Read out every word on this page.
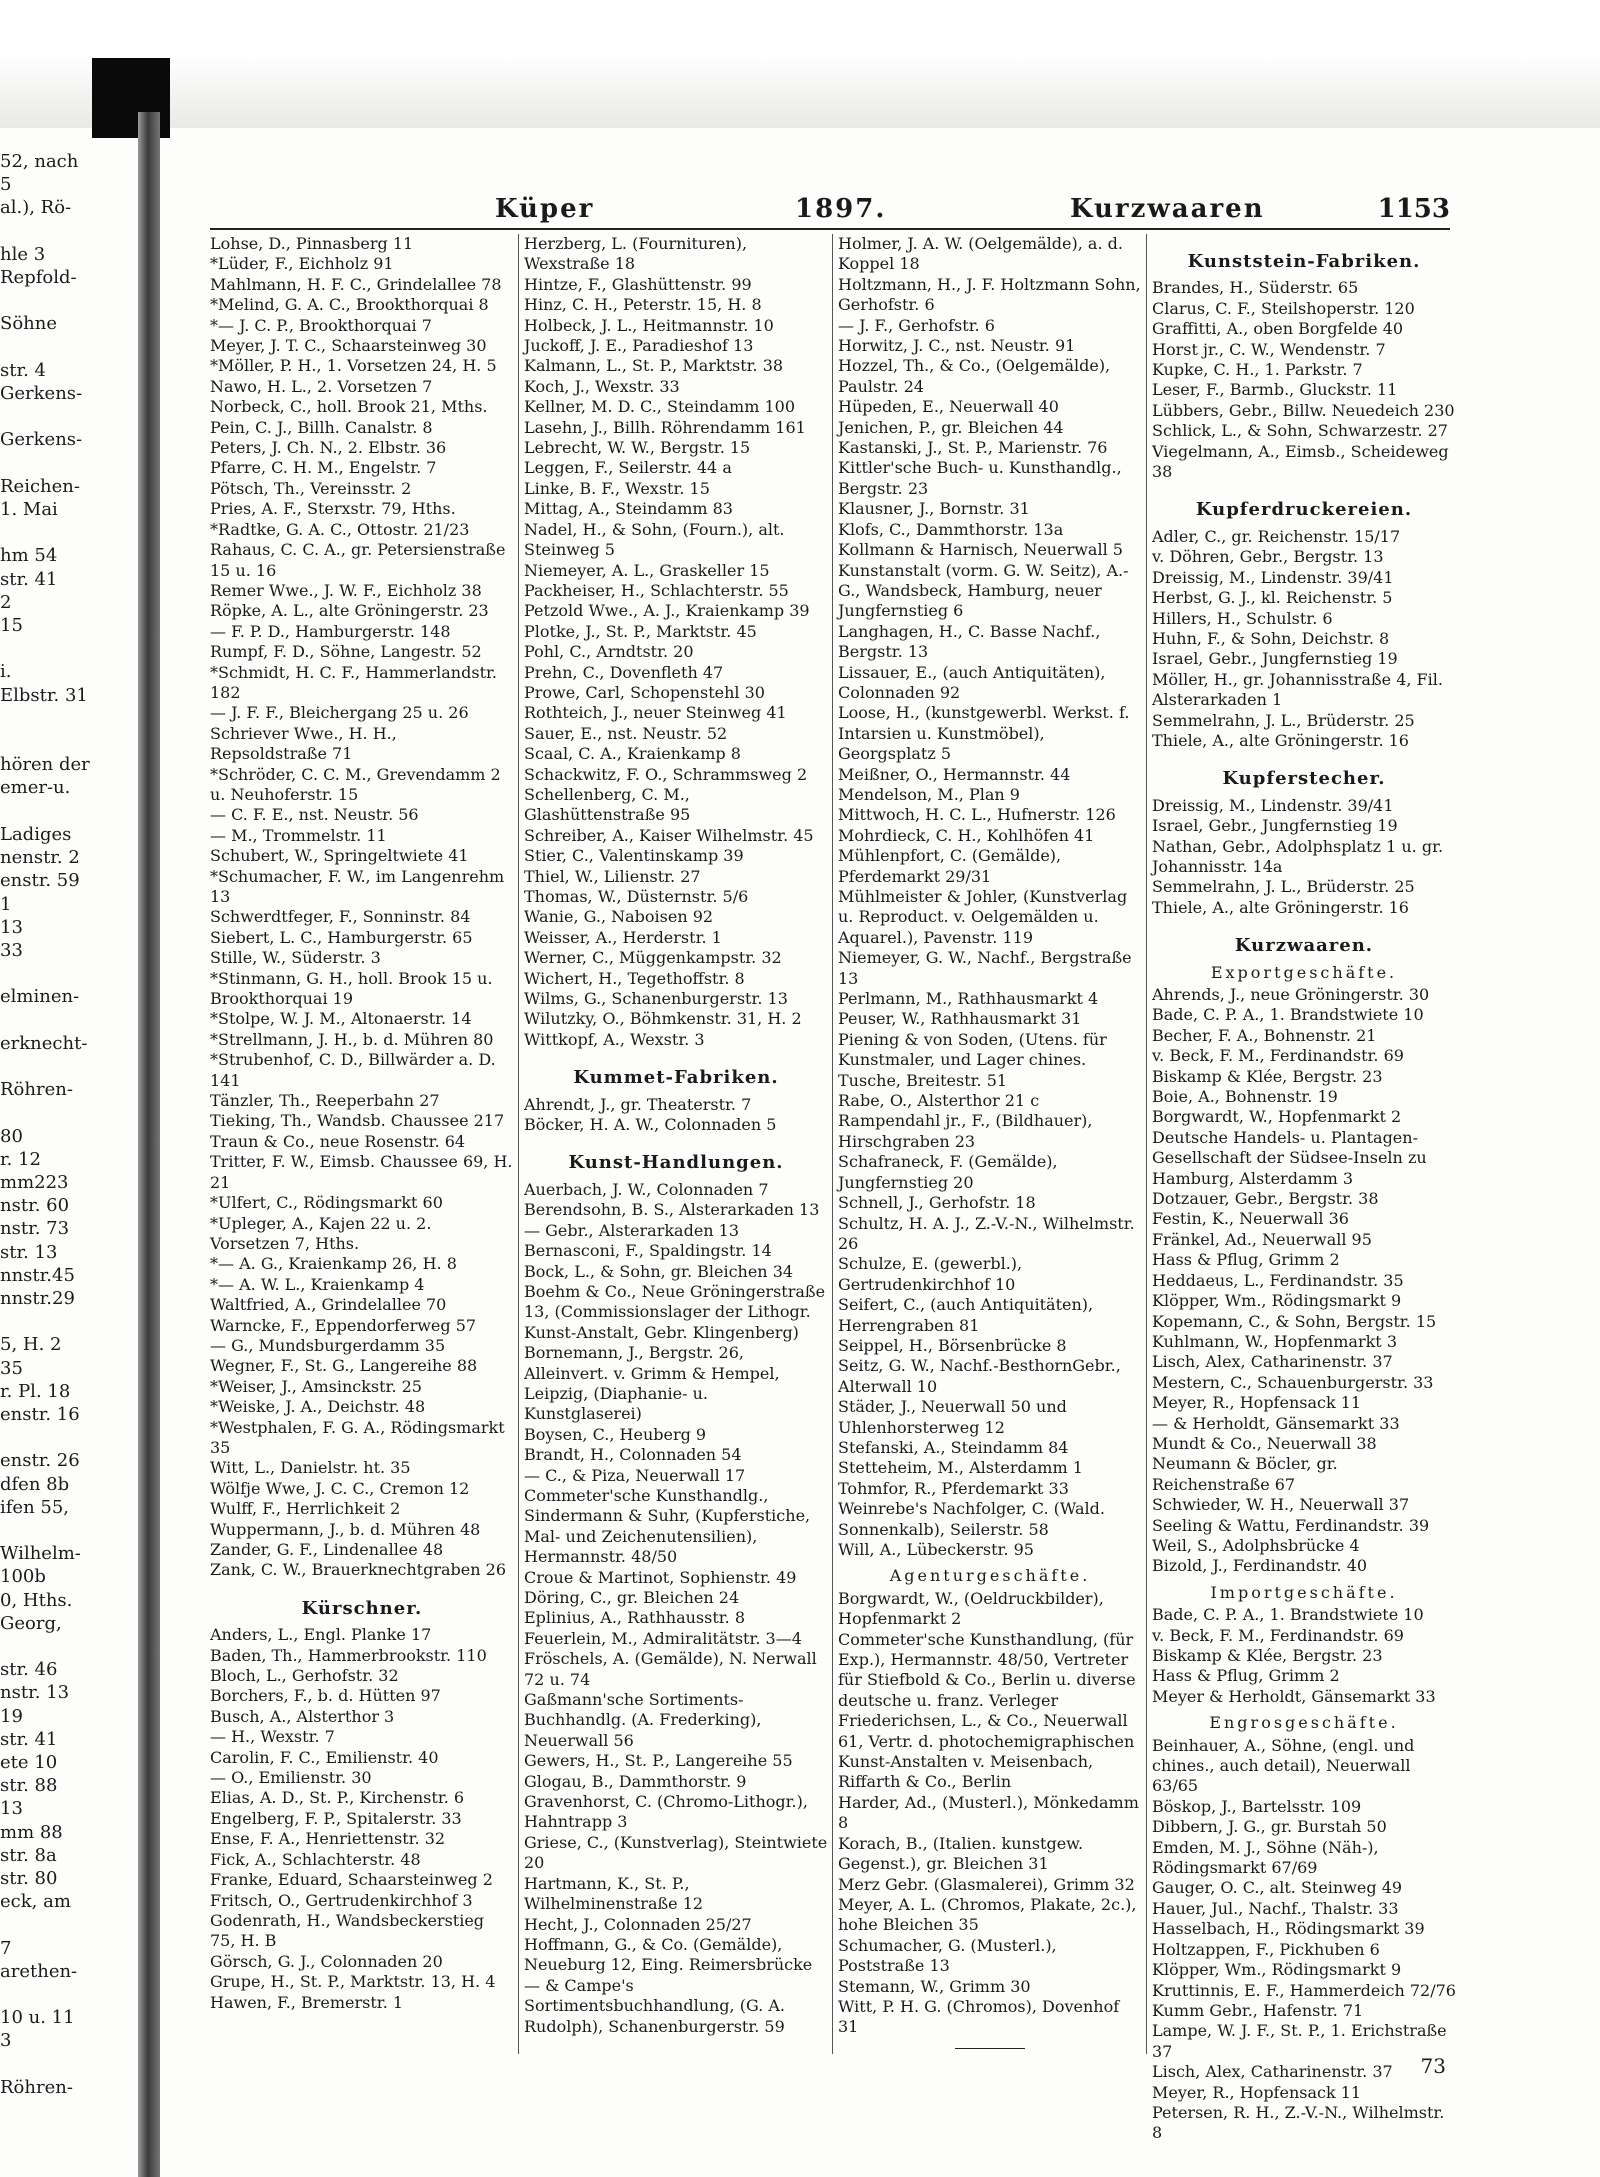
52, nach
5
al.), Rö-

hle 3
Repfold-

Söhne

str. 4
Gerkens-

Gerkens-

Reichen-
1. Mai

hm 54
str. 41
2
15

i.
Elbstr. 31

hören der
emer-u.

Ladiges
nenstr. 2
enstr. 59
1
13
33

elminen-

erknecht-

Röhren-

80
r. 12
mm223
nstr. 60
nstr. 73
str. 13
nnstr.45
nnstr.29

5, H. 2
35
r. Pl. 18
enstr. 16

enstr. 26
dfen 8b
ifen 55,

Wilhelm-
100b
0, Hths.
Georg,

str. 46
nstr. 13
19
str. 41
ete 10
str. 88
13
mm 88
str. 8a
str. 80
eck, am

7
arethen-

10 u. 11
3

Röhren-
Küper	1897.	Kurzwaaren	1153
Lohse, D., Pinnasberg 11
*Lüder, F., Eichholz 91
Mahlmann, H. F. C., Grindelallee 78
*Melind, G. A. C., Brookthorquai 8
*— J. C. P., Brookthorquai 7
Meyer, J. T. C., Schaarsteinweg 30
*Möller, P. H., 1. Vorsetzen 24, H. 5
Nawo, H. L., 2. Vorsetzen 7
Norbeck, C., holl. Brook 21, Mths.
Pein, C. J., Billh. Canalstr. 8
Peters, J. Ch. N., 2. Elbstr. 36
Pfarre, C. H. M., Engelstr. 7
Pötsch, Th., Vereinsstr. 2
Pries, A. F., Sterxstr. 79, Hths.
*Radtke, G. A. C., Ottostr. 21/23
Rahaus, C. C. A., gr. Petersienstraße 15 u. 16
Remer Wwe., J. W. F., Eichholz 38
Röpke, A. L., alte Gröningerstr. 23
— F. P. D., Hamburgerstr. 148
Rumpf, F. D., Söhne, Langestr. 52
*Schmidt, H. C. F., Hammerlandstr. 182
— J. F. F., Bleichergang 25 u. 26
Schriever Wwe., H. H., Repsoldstraße 71
*Schröder, C. C. M., Grevendamm 2 u. Neuhoferstr. 15
— C. F. E., nst. Neustr. 56
— M., Trommelstr. 11
Schubert, W., Springeltwiete 41
*Schumacher, F. W., im Langenrehm 13
Schwerdtfeger, F., Sonninstr. 84
Siebert, L. C., Hamburgerstr. 65
Stille, W., Süderstr. 3
*Stinmann, G. H., holl. Brook 15 u. Brookthorquai 19
*Stolpe, W. J. M., Altonaerstr. 14
*Strellmann, J. H., b. d. Mühren 80
*Strubenhof, C. D., Billwärder a. D. 141
Tänzler, Th., Reeperbahn 27
Tieking, Th., Wandsb. Chaussee 217
Traun & Co., neue Rosenstr. 64
Tritter, F. W., Eimsb. Chaussee 69, H. 21
*Ulfert, C., Rödingsmarkt 60
*Upleger, A., Kajen 22 u. 2. Vorsetzen 7, Hths.
*— A. G., Kraienkamp 26, H. 8
*— A. W. L., Kraienkamp 4
Waltfried, A., Grindelallee 70
Warncke, F., Eppendorferweg 57
— G., Mundsburgerdamm 35
Wegner, F., St. G., Langereihe 88
*Weiser, J., Amsinckstr. 25
*Weiske, J. A., Deichstr. 48
*Westphalen, F. G. A., Rödingsmarkt 35
Witt, L., Danielstr. ht. 35
Wölfje Wwe, J. C. C., Cremon 12
Wulff, F., Herrlichkeit 2
Wuppermann, J., b. d. Mühren 48
Zander, G. F., Lindenallee 48
Zank, C. W., Brauerknechtgraben 26
Kürschner.
Anders, L., Engl. Planke 17
Baden, Th., Hammerbrookstr. 110
Bloch, L., Gerhofstr. 32
Borchers, F., b. d. Hütten 97
Busch, A., Alsterthor 3
— H., Wexstr. 7
Carolin, F. C., Emilienstr. 40
— O., Emilienstr. 30
Elias, A. D., St. P., Kirchenstr. 6
Engelberg, F. P., Spitalerstr. 33
Ense, F. A., Henriettenstr. 32
Fick, A., Schlachterstr. 48
Franke, Eduard, Schaarsteinweg 2
Fritsch, O., Gertrudenkirchhof 3
Godenrath, H., Wandsbeckerstieg 75, H. B
Görsch, G. J., Colonnaden 20
Grupe, H., St. P., Marktstr. 13, H. 4
Hawen, F., Bremerstr. 1
Herzberg, L. (Fournituren), Wexstraße 18
Hintze, F., Glashüttenstr. 99
Hinz, C. H., Peterstr. 15, H. 8
Holbeck, J. L., Heitmannstr. 10
Juckoff, J. E., Paradieshof 13
Kalmann, L., St. P., Marktstr. 38
Koch, J., Wexstr. 33
Kellner, M. D. C., Steindamm 100
Lasehn, J., Billh. Röhrendamm 161
Lebrecht, W. W., Bergstr. 15
Leggen, F., Seilerstr. 44 a
Linke, B. F., Wexstr. 15
Mittag, A., Steindamm 83
Nadel, H., & Sohn, (Fourn.), alt. Steinweg 5
Niemeyer, A. L., Graskeller 15
Packheiser, H., Schlachterstr. 55
Petzold Wwe., A. J., Kraienkamp 39
Plotke, J., St. P., Marktstr. 45
Pohl, C., Arndtstr. 20
Prehn, C., Dovenfleth 47
Prowe, Carl, Schopenstehl 30
Rothteich, J., neuer Steinweg 41
Sauer, E., nst. Neustr. 52
Scaal, C. A., Kraienkamp 8
Schackwitz, F. O., Schrammsweg 2
Schellenberg, C. M., Glashüttenstraße 95
Schreiber, A., Kaiser Wilhelmstr. 45
Stier, C., Valentinskamp 39
Thiel, W., Lilienstr. 27
Thomas, W., Düsternstr. 5/6
Wanie, G., Naboisen 92
Weisser, A., Herderstr. 1
Werner, C., Müggenkampstr. 32
Wichert, H., Tegethoffstr. 8
Wilms, G., Schanenburgerstr. 13
Wilutzky, O., Böhmkenstr. 31, H. 2
Wittkopf, A., Wexstr. 3
Kummet-Fabriken.
Ahrendt, J., gr. Theaterstr. 7
Böcker, H. A. W., Colonnaden 5
Kunst-Handlungen.
Auerbach, J. W., Colonnaden 7
Berendsohn, B. S., Alsterarkaden 13
— Gebr., Alsterarkaden 13
Bernasconi, F., Spaldingstr. 14
Bock, L., & Sohn, gr. Bleichen 34
Boehm & Co., Neue Gröningerstraße 13, (Commissionslager der Lithogr. Kunst-Anstalt, Gebr. Klingenberg)
Bornemann, J., Bergstr. 26, Alleinvert. v. Grimm & Hempel, Leipzig, (Diaphanie- u. Kunstglaserei)
Boysen, C., Heuberg 9
Brandt, H., Colonnaden 54
— C., & Piza, Neuerwall 17
Commeter'sche Kunsthandlg., Sindermann & Suhr, (Kupferstiche, Mal- und Zeichenutensilien), Hermannstr. 48/50
Croue & Martinot, Sophienstr. 49
Döring, C., gr. Bleichen 24
Eplinius, A., Rathhausstr. 8
Feuerlein, M., Admiralitätstr. 3—4
Fröschels, A. (Gemälde), N. Nerwall 72 u. 74
Gaßmann'sche Sortiments-Buchhandlg. (A. Frederking), Neuerwall 56
Gewers, H., St. P., Langereihe 55
Glogau, B., Dammthorstr. 9
Gravenhorst, C. (Chromo-Lithogr.), Hahntrapp 3
Griese, C., (Kunstverlag), Steintwiete 20
Hartmann, K., St. P., Wilhelminenstraße 12
Hecht, J., Colonnaden 25/27
Hoffmann, G., & Co. (Gemälde), Neueburg 12, Eing. Reimersbrücke
— & Campe's Sortimentsbuchhandlung, (G. A. Rudolph), Schanenburgerstr. 59
Holmer, J. A. W. (Oelgemälde), a. d. Koppel 18
Holtzmann, H., J. F. Holtzmann Sohn, Gerhofstr. 6
— J. F., Gerhofstr. 6
Horwitz, J. C., nst. Neustr. 91
Hozzel, Th., & Co., (Oelgemälde), Paulstr. 24
Hüpeden, E., Neuerwall 40
Jenichen, P., gr. Bleichen 44
Kastanski, J., St. P., Marienstr. 76
Kittler'sche Buch- u. Kunsthandlg., Bergstr. 23
Klausner, J., Bornstr. 31
Klofs, C., Dammthorstr. 13a
Kollmann & Harnisch, Neuerwall 5
Kunstanstalt (vorm. G. W. Seitz), A.-G., Wandsbeck, Hamburg, neuer Jungfernstieg 6
Langhagen, H., C. Basse Nachf., Bergstr. 13
Lissauer, E., (auch Antiquitäten), Colonnaden 92
Loose, H., (kunstgewerbl. Werkst. f. Intarsien u. Kunstmöbel), Georgsplatz 5
Meißner, O., Hermannstr. 44
Mendelson, M., Plan 9
Mittwoch, H. C. L., Hufnerstr. 126
Mohrdieck, C. H., Kohlhöfen 41
Mühlenpfort, C. (Gemälde), Pferdemarkt 29/31
Mühlmeister & Johler, (Kunstverlag u. Reproduct. v. Oelgemälden u. Aquarel.), Pavenstr. 119
Niemeyer, G. W., Nachf., Bergstraße 13
Perlmann, M., Rathhausmarkt 4
Peuser, W., Rathhausmarkt 31
Piening & von Soden, (Utens. für Kunstmaler, und Lager chines. Tusche, Breitestr. 51
Rabe, O., Alsterthor 21 c
Rampendahl jr., F., (Bildhauer), Hirschgraben 23
Schafraneck, F. (Gemälde), Jungfernstieg 20
Schnell, J., Gerhofstr. 18
Schultz, H. A. J., Z.-V.-N., Wilhelmstr. 26
Schulze, E. (gewerbl.), Gertrudenkirchhof 10
Seifert, C., (auch Antiquitäten), Herrengraben 81
Seippel, H., Börsenbrücke 8
Seitz, G. W., Nachf.-BesthornGebr., Alterwall 10
Städer, J., Neuerwall 50 und Uhlenhorsterweg 12
Stefanski, A., Steindamm 84
Stetteheim, M., Alsterdamm 1
Tohmfor, R., Pferdemarkt 33
Weinrebe's Nachfolger, C. (Wald. Sonnenkalb), Seilerstr. 58
Will, A., Lübeckerstr. 95
Agenturgeschäfte.
Borgwardt, W., (Oeldruckbilder), Hopfenmarkt 2
Commeter'sche Kunsthandlung, (für Exp.), Hermannstr. 48/50, Vertreter für Stiefbold & Co., Berlin u. diverse deutsche u. franz. Verleger
Friederichsen, L., & Co., Neuerwall 61, Vertr. d. photochemigraphischen Kunst-Anstalten v. Meisenbach, Riffarth & Co., Berlin
Harder, Ad., (Musterl.), Mönkedamm 8
Korach, B., (Italien. kunstgew. Gegenst.), gr. Bleichen 31
Merz Gebr. (Glasmalerei), Grimm 32
Meyer, A. L. (Chromos, Plakate, 2c.), hohe Bleichen 35
Schumacher, G. (Musterl.), Poststraße 13
Stemann, W., Grimm 30
Witt, P. H. G. (Chromos), Dovenhof 31
Kunststein-Fabriken.
Brandes, H., Süderstr. 65
Clarus, C. F., Steilshoperstr. 120
Graffitti, A., oben Borgfelde 40
Horst jr., C. W., Wendenstr. 7
Kupke, C. H., 1. Parkstr. 7
Leser, F., Barmb., Gluckstr. 11
Lübbers, Gebr., Billw. Neuedeich 230
Schlick, L., & Sohn, Schwarzestr. 27
Viegelmann, A., Eimsb., Scheideweg 38
Kupferdruckereien.
Adler, C., gr. Reichenstr. 15/17
v. Döhren, Gebr., Bergstr. 13
Dreissig, M., Lindenstr. 39/41
Herbst, G. J., kl. Reichenstr. 5
Hillers, H., Schulstr. 6
Huhn, F., & Sohn, Deichstr. 8
Israel, Gebr., Jungfernstieg 19
Möller, H., gr. Johannisstraße 4, Fil. Alsterarkaden 1
Semmelrahn, J. L., Brüderstr. 25
Thiele, A., alte Gröningerstr. 16
Kupferstecher.
Dreissig, M., Lindenstr. 39/41
Israel, Gebr., Jungfernstieg 19
Nathan, Gebr., Adolphsplatz 1 u. gr. Johannisstr. 14a
Semmelrahn, J. L., Brüderstr. 25
Thiele, A., alte Gröningerstr. 16
Kurzwaaren.
Exportgeschäfte.
Ahrends, J., neue Gröningerstr. 30
Bade, C. P. A., 1. Brandstwiete 10
Becher, F. A., Bohnenstr. 21
v. Beck, F. M., Ferdinandstr. 69
Biskamp & Klée, Bergstr. 23
Boie, A., Bohnenstr. 19
Borgwardt, W., Hopfenmarkt 2
Deutsche Handels- u. Plantagen-Gesellschaft der Südsee-Inseln zu Hamburg, Alsterdamm 3
Dotzauer, Gebr., Bergstr. 38
Festin, K., Neuerwall 36
Fränkel, Ad., Neuerwall 95
Hass & Pflug, Grimm 2
Heddaeus, L., Ferdinandstr. 35
Klöpper, Wm., Rödingsmarkt 9
Kopemann, C., & Sohn, Bergstr. 15
Kuhlmann, W., Hopfenmarkt 3
Lisch, Alex, Catharinenstr. 37
Mestern, C., Schauenburgerstr. 33
Meyer, R., Hopfensack 11
— & Herholdt, Gänsemarkt 33
Mundt & Co., Neuerwall 38
Neumann & Böcler, gr. Reichenstraße 67
Schwieder, W. H., Neuerwall 37
Seeling & Wattu, Ferdinandstr. 39
Weil, S., Adolphsbrücke 4
Bizold, J., Ferdinandstr. 40
Importgeschäfte.
Bade, C. P. A., 1. Brandstwiete 10
v. Beck, F. M., Ferdinandstr. 69
Biskamp & Klée, Bergstr. 23
Hass & Pflug, Grimm 2
Meyer & Herholdt, Gänsemarkt 33
Engrosgeschäfte.
Beinhauer, A., Söhne, (engl. und chines., auch detail), Neuerwall 63/65
Böskop, J., Bartelsstr. 109
Dibbern, J. G., gr. Burstah 50
Emden, M. J., Söhne (Näh-), Rödingsmarkt 67/69
Gauger, O. C., alt. Steinweg 49
Hauer, Jul., Nachf., Thalstr. 33
Hasselbach, H., Rödingsmarkt 39
Holtzappen, F., Pickhuben 6
Klöpper, Wm., Rödingsmarkt 9
Kruttinnis, E. F., Hammerdeich 72/76
Kumm Gebr., Hafenstr. 71
Lampe, W. J. F., St. P., 1. Erichstraße 37
Lisch, Alex, Catharinenstr. 37
Meyer, R., Hopfensack 11
Petersen, R. H., Z.-V.-N., Wilhelmstr. 8
73
